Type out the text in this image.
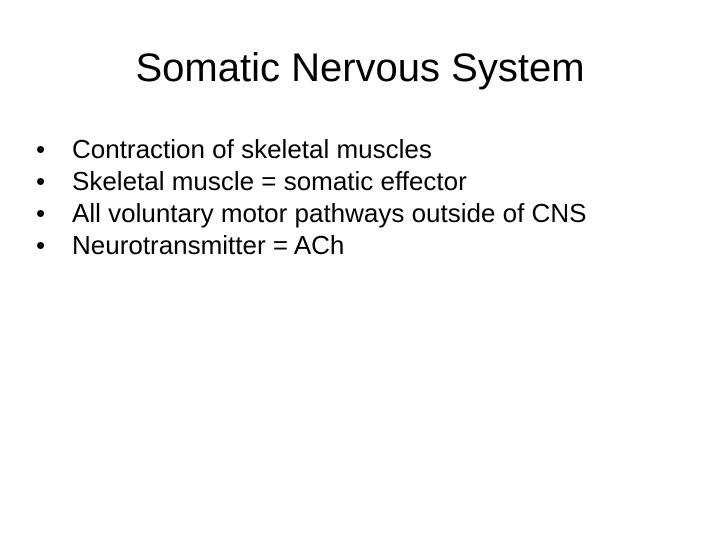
Somatic Nervous System
•	Contraction of skeletal muscles
•	Skeletal muscle = somatic effector
•	All voluntary motor pathways outside of CNS
•	Neurotransmitter = ACh
